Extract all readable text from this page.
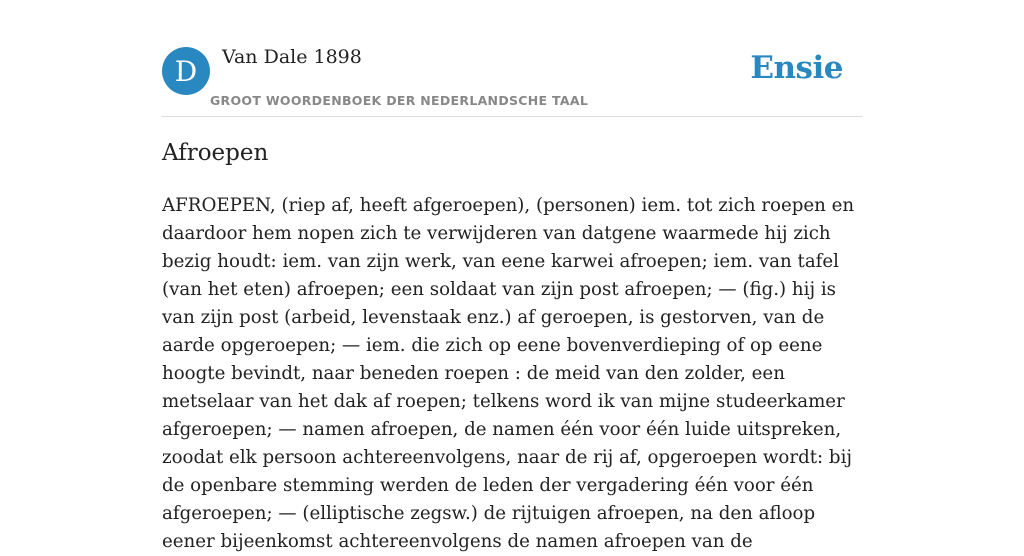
D	Van Dale 1898
GROOT WOORDENBOEK DER NEDERLANDSCHE TAAL
Ensie
Afroepen

AFROEPEN, (riep af, heeft afgeroepen), (personen) iem. tot zich roepen en daardoor hem nopen zich te verwijderen van datgene waarmede hij zich bezig houdt: iem. van zijn werk, van eene karwei afroepen; iem. van tafel (van het eten) afroepen; een soldaat van zijn post afroepen; — (fig.) hij is van zijn post (arbeid, levenstaak enz.) af geroepen, is gestorven, van de aarde opgeroepen; — iem. die zich op eene bovenverdieping of op eene hoogte bevindt, naar beneden roepen : de meid van den zolder, een metselaar van het dak af roepen; telkens word ik van mijne studeerkamer afgeroepen; — namen afroepen, de namen één voor één luide uitspreken, zoodat elk persoon achtereenvolgens, naar de rij af, opgeroepen wordt: bij de openbare stemming werden de leden der vergadering één voor één afgeroepen; — (elliptische zegsw.) de rijtuigen afroepen, na den afloop eener bijeenkomst achtereenvolgens de namen afroepen van de
